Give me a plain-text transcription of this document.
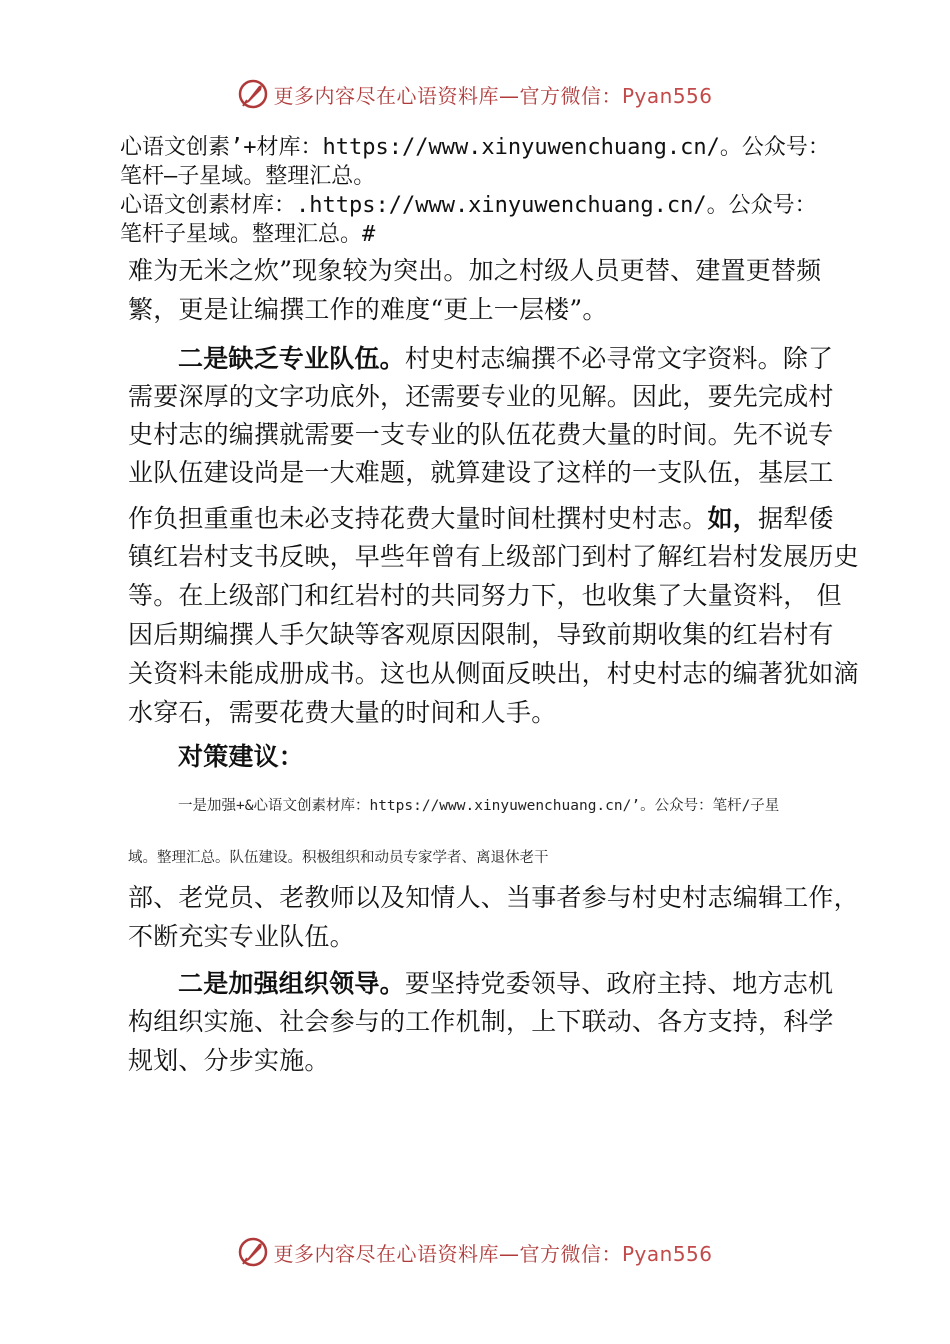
更多内容尽在心语资料库—官方微信：Pyan556
心语文创素’+材库：https://www.xinyuwenchuang.cn/。公众号：
笔杆—子星域。整理汇总。
心语文创素材库：.https://www.xinyuwenchuang.cn/。公众号：
笔杆子星域。整理汇总。#
难为无米之炊”现象较为突出。加之村级人员更替、建置更替频
繁，更是让编撰工作的难度“更上一层楼”。
二是缺乏专业队伍。村史村志编撰不必寻常文字资料。除了
需要深厚的文字功底外，还需要专业的见解。因此，要先完成村
史村志的编撰就需要一支专业的队伍花费大量的时间。先不说专
业队伍建设尚是一大难题，就算建设了这样的一支队伍，基层工
作负担重重也未必支持花费大量时间杜撰村史村志。如，据犁倭
镇红岩村支书反映，早些年曾有上级部门到村了解红岩村发展历史
等。在上级部门和红岩村的共同努力下，也收集了大量资料， 但
因后期编撰人手欠缺等客观原因限制，导致前期收集的红岩村有
关资料未能成册成书。这也从侧面反映出，村史村志的编著犹如滴
水穿石，需要花费大量的时间和人手。
对策建议：
一是加强+&心语文创素材库：https://www.xinyuwenchuang.cn/’。公众号：笔杆/子星
域。整理汇总。队伍建设。积极组织和动员专家学者、离退休老干
部、老党员、老教师以及知情人、当事者参与村史村志编辑工作，
不断充实专业队伍。
二是加强组织领导。要坚持党委领导、政府主持、地方志机
构组织实施、社会参与的工作机制，上下联动、各方支持，科学
规划、分步实施。
更多内容尽在心语资料库—官方微信：Pyan556
